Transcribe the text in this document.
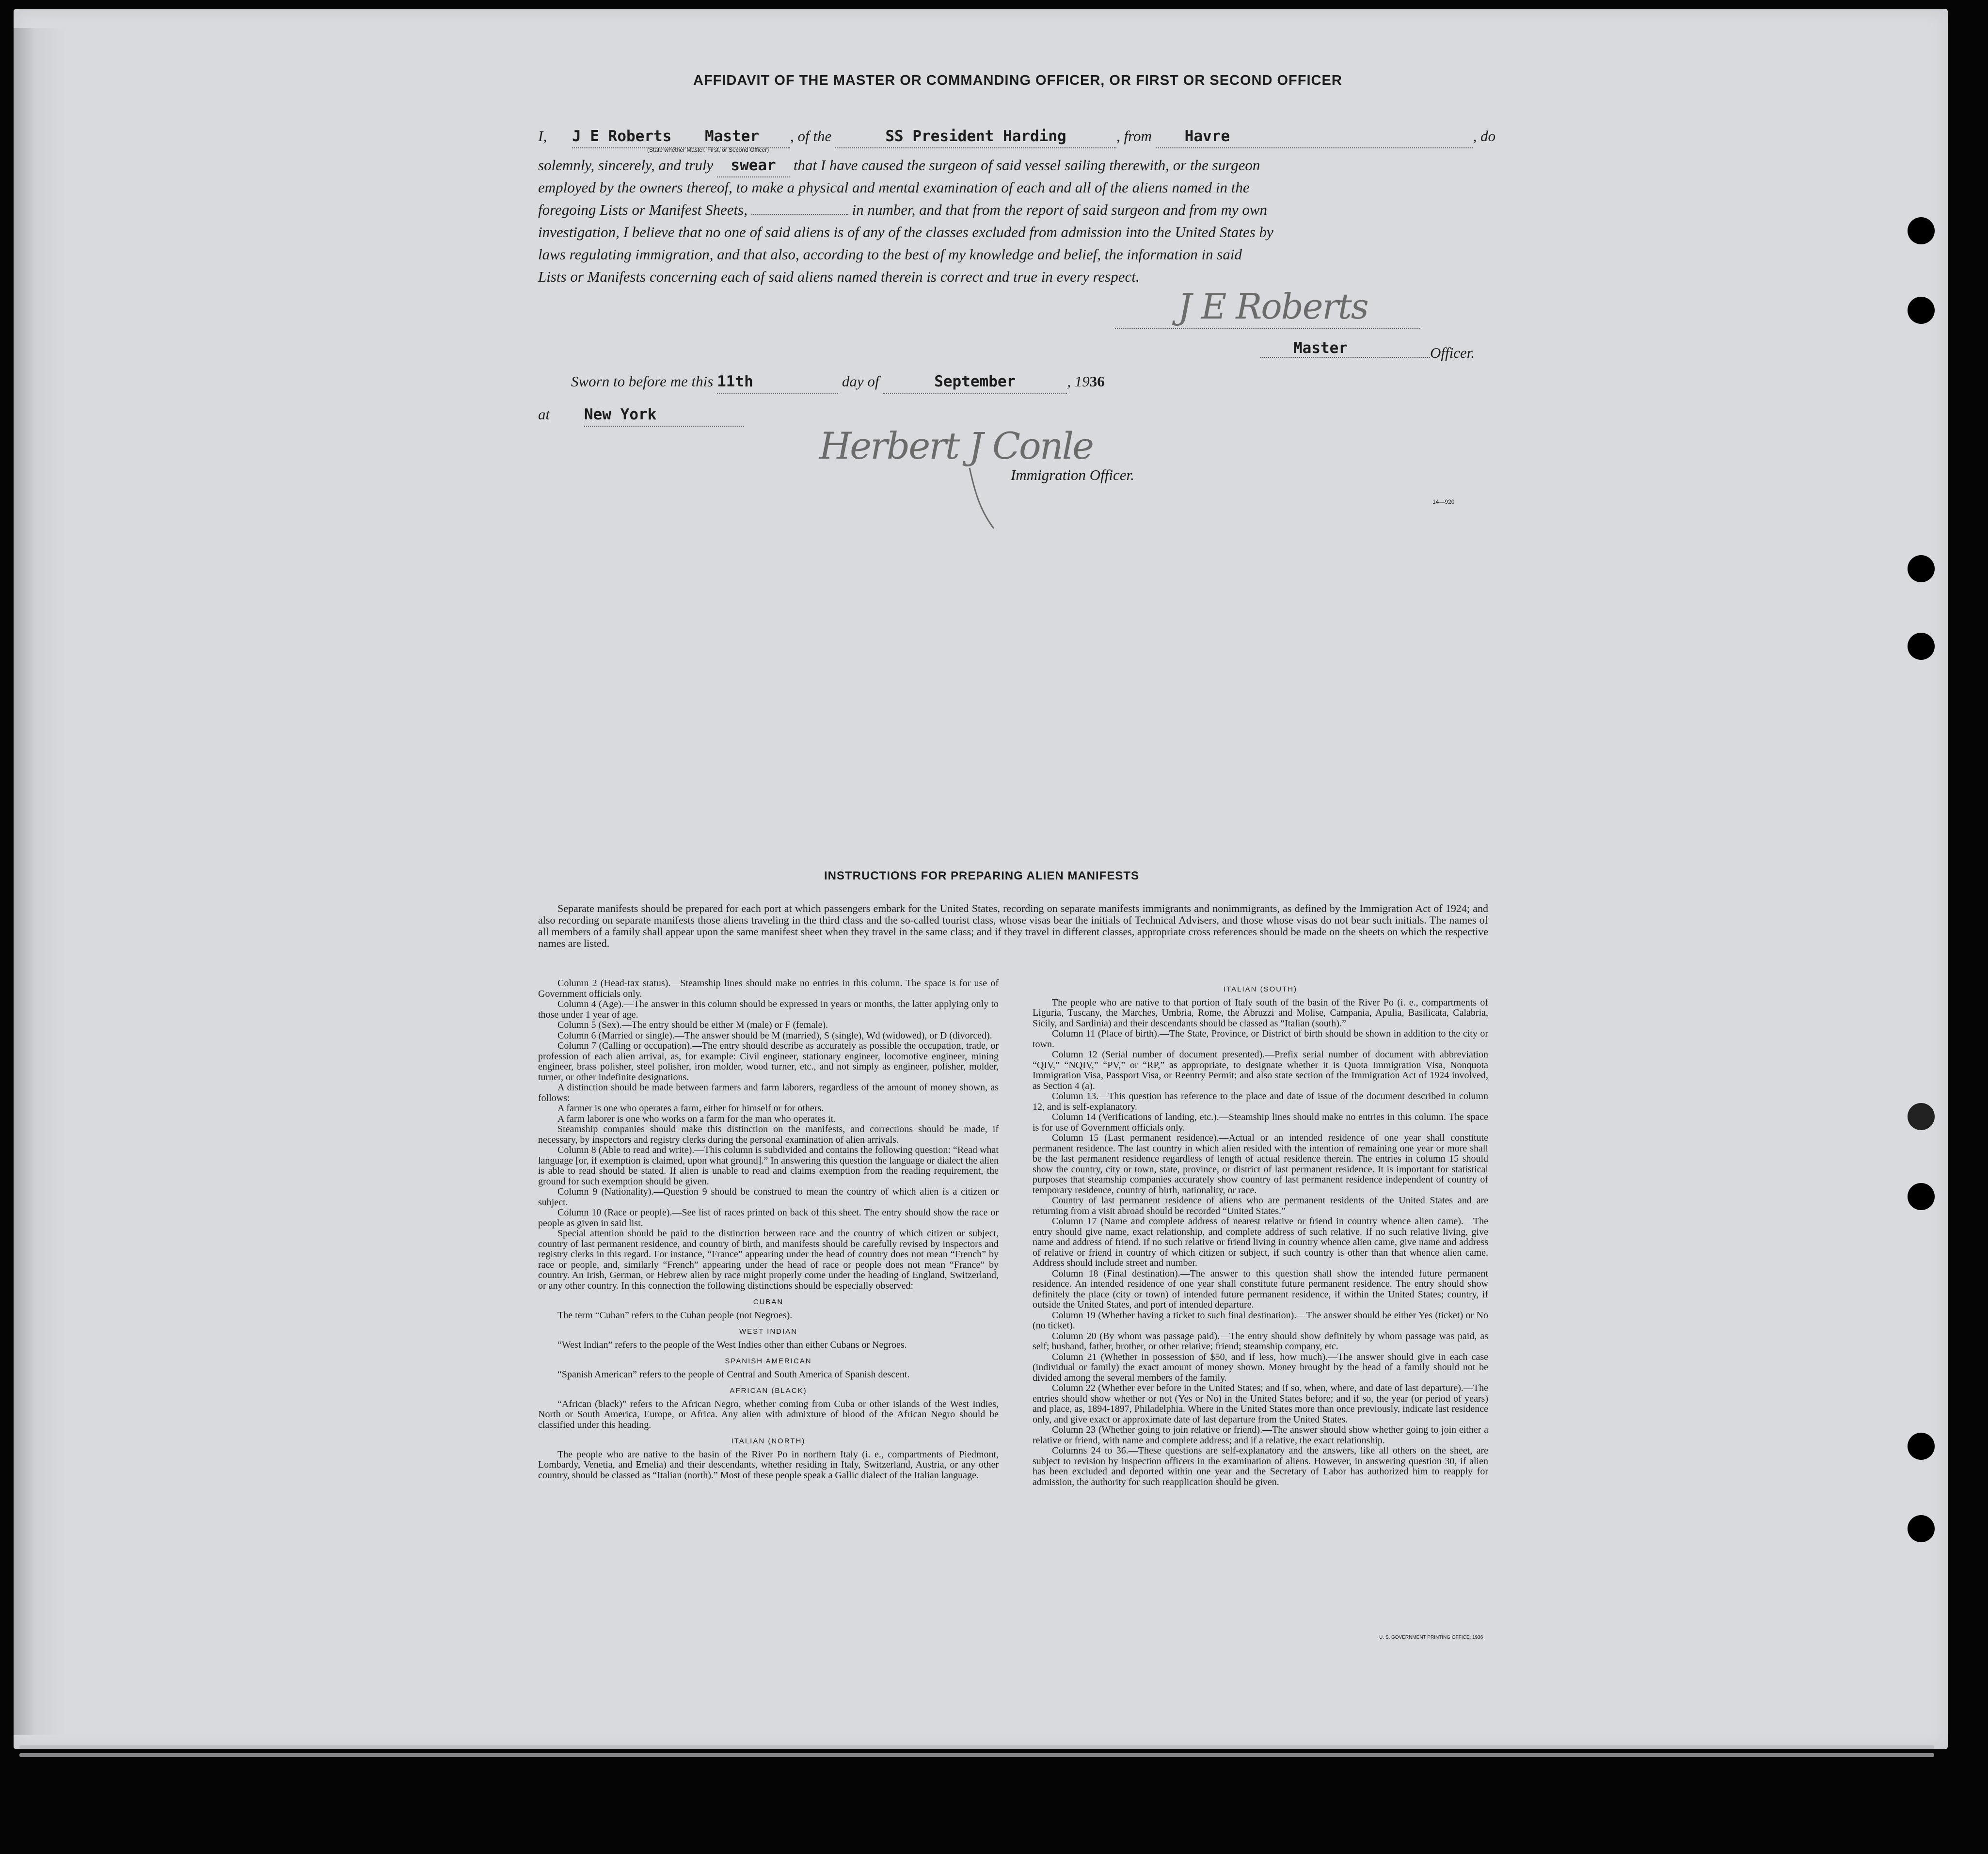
AFFIDAVIT OF THE MASTER OR COMMANDING OFFICER, OR FIRST OR SECOND OFFICER
I, J E Roberts Master , of the	SS President Harding	, from Havre	, do
(State whether Master, First, or Second Officer)
solemnly, sincerely, and truly swear that I have caused the surgeon of said vessel sailing therewith, or the surgeon
employed by the owners thereof, to make a physical and mental examination of each and all of the aliens named in the
foregoing Lists or Manifest Sheets,	in number, and that from the report of said surgeon and from my own
investigation, I believe that no one of said aliens is of any of the classes excluded from admission into the United States by
laws regulating immigration, and that also, according to the best of my knowledge and belief, the information in said
Lists or Manifests concerning each of said aliens named therein is correct and true in every respect.
J E Roberts
Master	Officer.
Sworn to before me this 11th	day of	September	, 1936
at New York
Herbert J Conle
Immigration Officer.
14—920
INSTRUCTIONS FOR PREPARING ALIEN MANIFESTS

Separate manifests should be prepared for each port at which passengers embark for the United States, recording on separate manifests immigrants and nonimmigrants, as defined by the Immigration Act of 1924; and also recording on separate manifests those aliens traveling in the third class and the so-called tourist class, whose visas bear the initials of Technical Advisers, and those whose visas do not bear such initials. The names of all members of a family shall appear upon the same manifest sheet when they travel in the same class; and if they travel in different classes, appropriate cross references should be made on the sheets on which the respective names are listed.

Column 2 (Head-tax status).—Steamship lines should make no entries in this column. The space is for use of Government officials only.

Column 4 (Age).—The answer in this column should be expressed in years or months, the latter applying only to those under 1 year of age.

Column 5 (Sex).—The entry should be either M (male) or F (female).

Column 6 (Married or single).—The answer should be M (married), S (single), Wd (widowed), or D (divorced).

Column 7 (Calling or occupation).—The entry should describe as accurately as possible the occupation, trade, or profession of each alien arrival, as, for example: Civil engineer, stationary engineer, locomotive engineer, mining engineer, brass polisher, steel polisher, iron molder, wood turner, etc., and not simply as engineer, polisher, molder, turner, or other indefinite designations.

A distinction should be made between farmers and farm laborers, regardless of the amount of money shown, as follows:

A farmer is one who operates a farm, either for himself or for others.

A farm laborer is one who works on a farm for the man who operates it.

Steamship companies should make this distinction on the manifests, and corrections should be made, if necessary, by inspectors and registry clerks during the personal examination of alien arrivals.

Column 8 (Able to read and write).—This column is subdivided and contains the following question: “Read what language [or, if exemption is claimed, upon what ground].” In answering this question the language or dialect the alien is able to read should be stated. If alien is unable to read and claims exemption from the reading requirement, the ground for such exemption should be given.

Column 9 (Nationality).—Question 9 should be construed to mean the country of which alien is a citizen or subject.

Column 10 (Race or people).—See list of races printed on back of this sheet. The entry should show the race or people as given in said list.

Special attention should be paid to the distinction between race and the country of which citizen or subject, country of last permanent residence, and country of birth, and manifests should be carefully revised by inspectors and registry clerks in this regard. For instance, “France” appearing under the head of country does not mean “French” by race or people, and, similarly “French” appearing under the head of race or people does not mean “France” by country. An Irish, German, or Hebrew alien by race might properly come under the heading of England, Switzerland, or any other country. In this connection the following distinctions should be especially observed:

CUBAN

The term “Cuban” refers to the Cuban people (not Negroes).

WEST INDIAN

“West Indian” refers to the people of the West Indies other than either Cubans or Negroes.

SPANISH AMERICAN

“Spanish American” refers to the people of Central and South America of Spanish descent.

AFRICAN (BLACK)

“African (black)” refers to the African Negro, whether coming from Cuba or other islands of the West Indies, North or South America, Europe, or Africa. Any alien with admixture of blood of the African Negro should be classified under this heading.

ITALIAN (NORTH)

The people who are native to the basin of the River Po in northern Italy (i. e., compartments of Piedmont, Lombardy, Venetia, and Emelia) and their descendants, whether residing in Italy, Switzerland, Austria, or any other country, should be classed as “Italian (north).” Most of these people speak a Gallic dialect of the Italian language.

ITALIAN (SOUTH)

The people who are native to that portion of Italy south of the basin of the River Po (i. e., compartments of Liguria, Tuscany, the Marches, Umbria, Rome, the Abruzzi and Molise, Campania, Apulia, Basilicata, Calabria, Sicily, and Sardinia) and their descendants should be classed as “Italian (south).”

Column 11 (Place of birth).—The State, Province, or District of birth should be shown in addition to the city or town.

Column 12 (Serial number of document presented).—Prefix serial number of document with abbreviation “QIV,” “NQIV,” “PV,” or “RP,” as appropriate, to designate whether it is Quota Immigration Visa, Nonquota Immigration Visa, Passport Visa, or Reentry Permit; and also state section of the Immigration Act of 1924 involved, as Section 4 (a).

Column 13.—This question has reference to the place and date of issue of the document described in column 12, and is self-explanatory.

Column 14 (Verifications of landing, etc.).—Steamship lines should make no entries in this column. The space is for use of Government officials only.

Column 15 (Last permanent residence).—Actual or an intended residence of one year shall constitute permanent residence. The last country in which alien resided with the intention of remaining one year or more shall be the last permanent residence regardless of length of actual residence therein. The entries in column 15 should show the country, city or town, state, province, or district of last permanent residence. It is important for statistical purposes that steamship companies accurately show country of last permanent residence independent of country of temporary residence, country of birth, nationality, or race.

Country of last permanent residence of aliens who are permanent residents of the United States and are returning from a visit abroad should be recorded “United States.”

Column 17 (Name and complete address of nearest relative or friend in country whence alien came).—The entry should give name, exact relationship, and complete address of such relative. If no such relative living, give name and address of friend. If no such relative or friend living in country whence alien came, give name and address of relative or friend in country of which citizen or subject, if such country is other than that whence alien came. Address should include street and number.

Column 18 (Final destination).—The answer to this question shall show the intended future permanent residence. An intended residence of one year shall constitute future permanent residence. The entry should show definitely the place (city or town) of intended future permanent residence, if within the United States; country, if outside the United States, and port of intended departure.

Column 19 (Whether having a ticket to such final destination).—The answer should be either Yes (ticket) or No (no ticket).

Column 20 (By whom was passage paid).—The entry should show definitely by whom passage was paid, as self; husband, father, brother, or other relative; friend; steamship company, etc.

Column 21 (Whether in possession of $50, and if less, how much).—The answer should give in each case (individual or family) the exact amount of money shown. Money brought by the head of a family should not be divided among the several members of the family.

Column 22 (Whether ever before in the United States; and if so, when, where, and date of last departure).—The entries should show whether or not (Yes or No) in the United States before; and if so, the year (or period of years) and place, as, 1894-1897, Philadelphia. Where in the United States more than once previously, indicate last residence only, and give exact or approximate date of last departure from the United States.

Column 23 (Whether going to join relative or friend).—The answer should show whether going to join either a relative or friend, with name and complete address; and if a relative, the exact relationship.

Columns 24 to 36.—These questions are self-explanatory and the answers, like all others on the sheet, are subject to revision by inspection officers in the examination of aliens. However, in answering question 30, if alien has been excluded and deported within one year and the Secretary of Labor has authorized him to reapply for admission, the authority for such reapplication should be given.

U. S. GOVERNMENT PRINTING OFFICE: 1936
